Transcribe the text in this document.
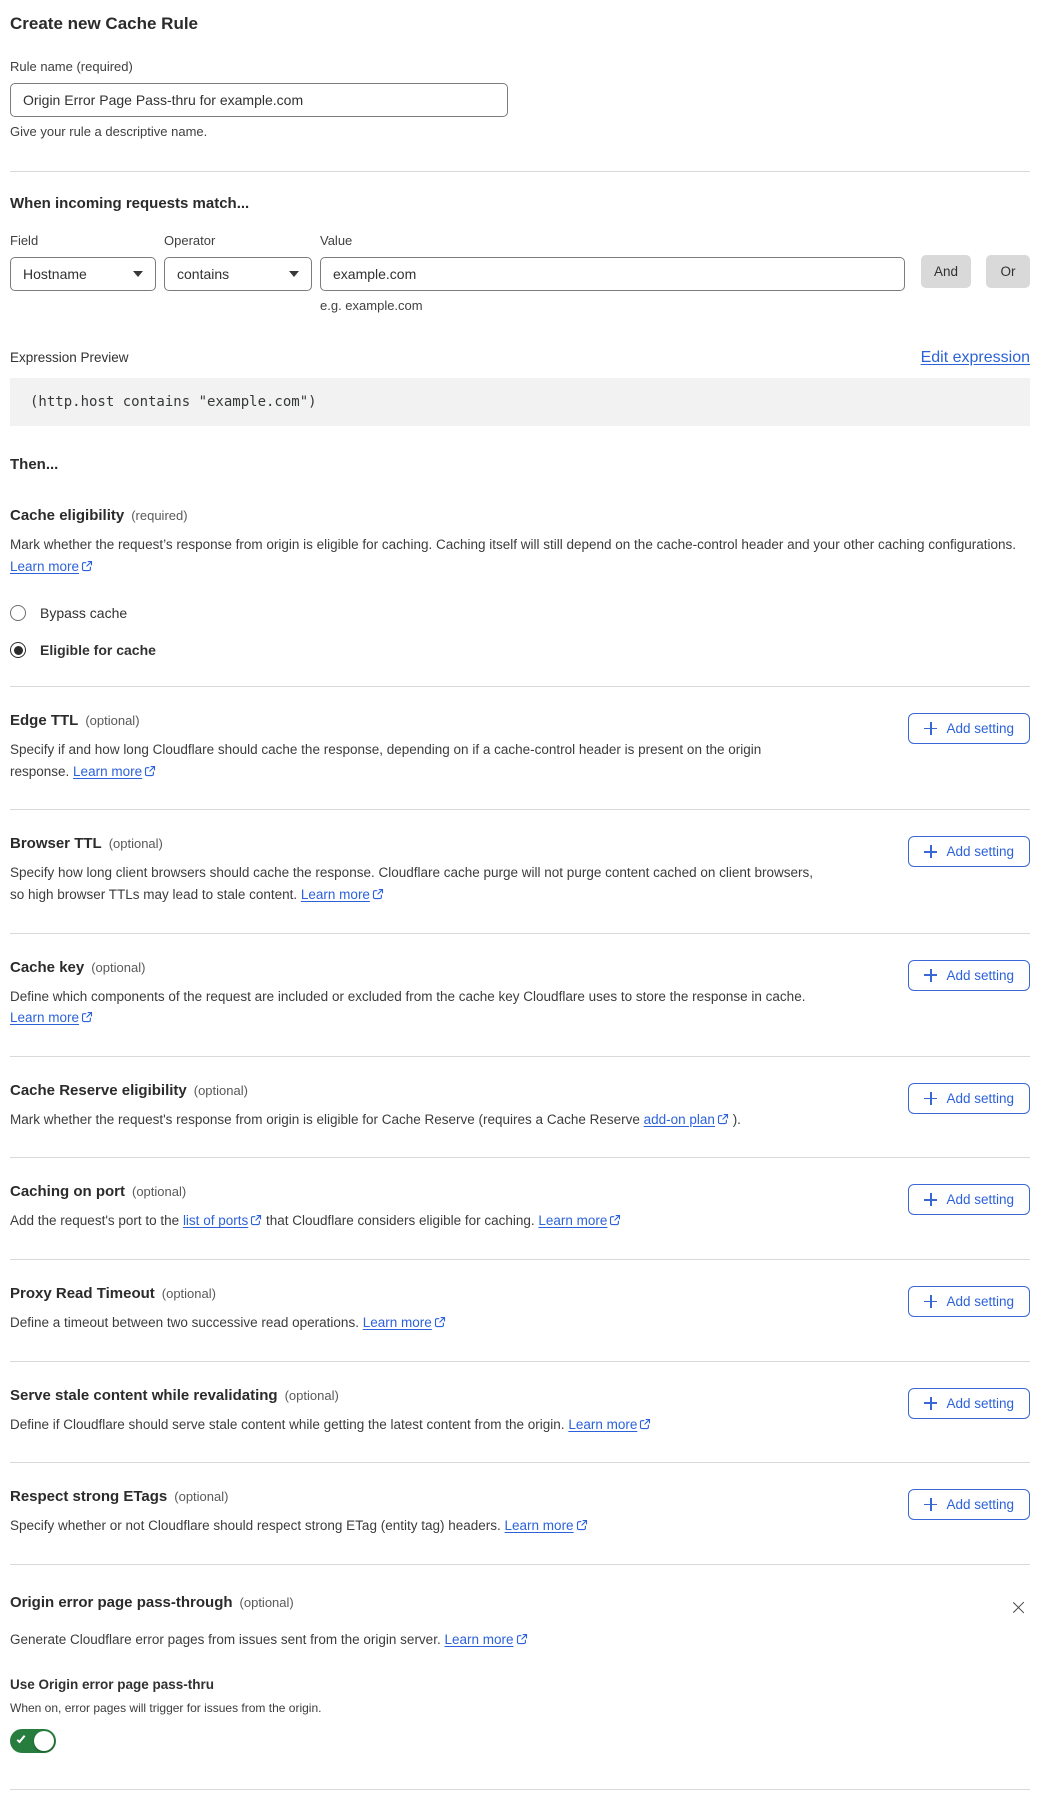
Create new Cache Rule
Rule name (required)
Origin Error Page Pass-thru for example.com
Give your rule a descriptive name.
When incoming requests match...
Field
Hostname
Operator
contains
Value
example.com
e.g. example.com
And	Or
Expression Preview	Edit expression
(http.host contains "example.com")
Then...
Cache eligibility (required)
Mark whether the request’s response from origin is eligible for caching. Caching itself will still depend on the cache-control header and your other caching configurations. Learn more
Bypass cache
Eligible for cache
Edge TTL (optional)
Specify if and how long Cloudflare should cache the response, depending on if a cache-control header is present on the origin response. Learn more
Add setting
Browser TTL (optional)
Specify how long client browsers should cache the response. Cloudflare cache purge will not purge content cached on client browsers, so high browser TTLs may lead to stale content. Learn more
Add setting
Cache key (optional)
Define which components of the request are included or excluded from the cache key Cloudflare uses to store the response in cache. Learn more
Add setting
Cache Reserve eligibility (optional)
Mark whether the request's response from origin is eligible for Cache Reserve (requires a Cache Reserve add-on plan ).
Add setting
Caching on port (optional)
Add the request's port to the list of ports that Cloudflare considers eligible for caching. Learn more
Add setting
Proxy Read Timeout (optional)
Define a timeout between two successive read operations. Learn more
Add setting
Serve stale content while revalidating (optional)
Define if Cloudflare should serve stale content while getting the latest content from the origin. Learn more
Add setting
Respect strong ETags (optional)
Specify whether or not Cloudflare should respect strong ETag (entity tag) headers. Learn more
Add setting
Origin error page pass-through (optional)
Generate Cloudflare error pages from issues sent from the origin server. Learn more
Use Origin error page pass-thru
When on, error pages will trigger for issues from the origin.
